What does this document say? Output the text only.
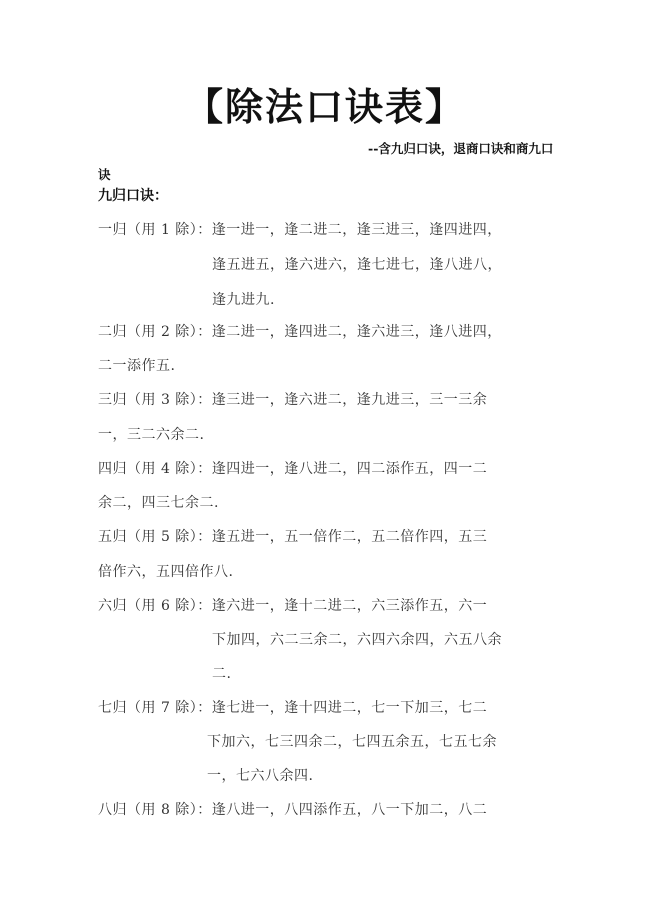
【除法口诀表】
--含九归口诀，退商口诀和商九口诀
九归口诀：
一归（用 1 除）：逢一进一，逢二进二，逢三进三，逢四进四，
逢五进五，逢六进六，逢七进七，逢八进八，
逢九进九.
二归（用 2 除）：逢二进一，逢四进二，逢六进三，逢八进四，
二一添作五.
三归（用 3 除）：逢三进一，逢六进二，逢九进三，三一三余
一，三二六余二.
四归（用 4 除）：逢四进一，逢八进二，四二添作五，四一二
余二，四三七余二.
五归（用 5 除）：逢五进一，五一倍作二，五二倍作四，五三
倍作六，五四倍作八.
六归（用 6 除）：逢六进一，逢十二进二，六三添作五，六一
下加四，六二三余二，六四六余四，六五八余
二.
七归（用 7 除）：逢七进一，逢十四进二，七一下加三，七二
下加六，七三四余二，七四五余五，七五七余
一，七六八余四.
八归（用 8 除）：逢八进一，八四添作五，八一下加二，八二
